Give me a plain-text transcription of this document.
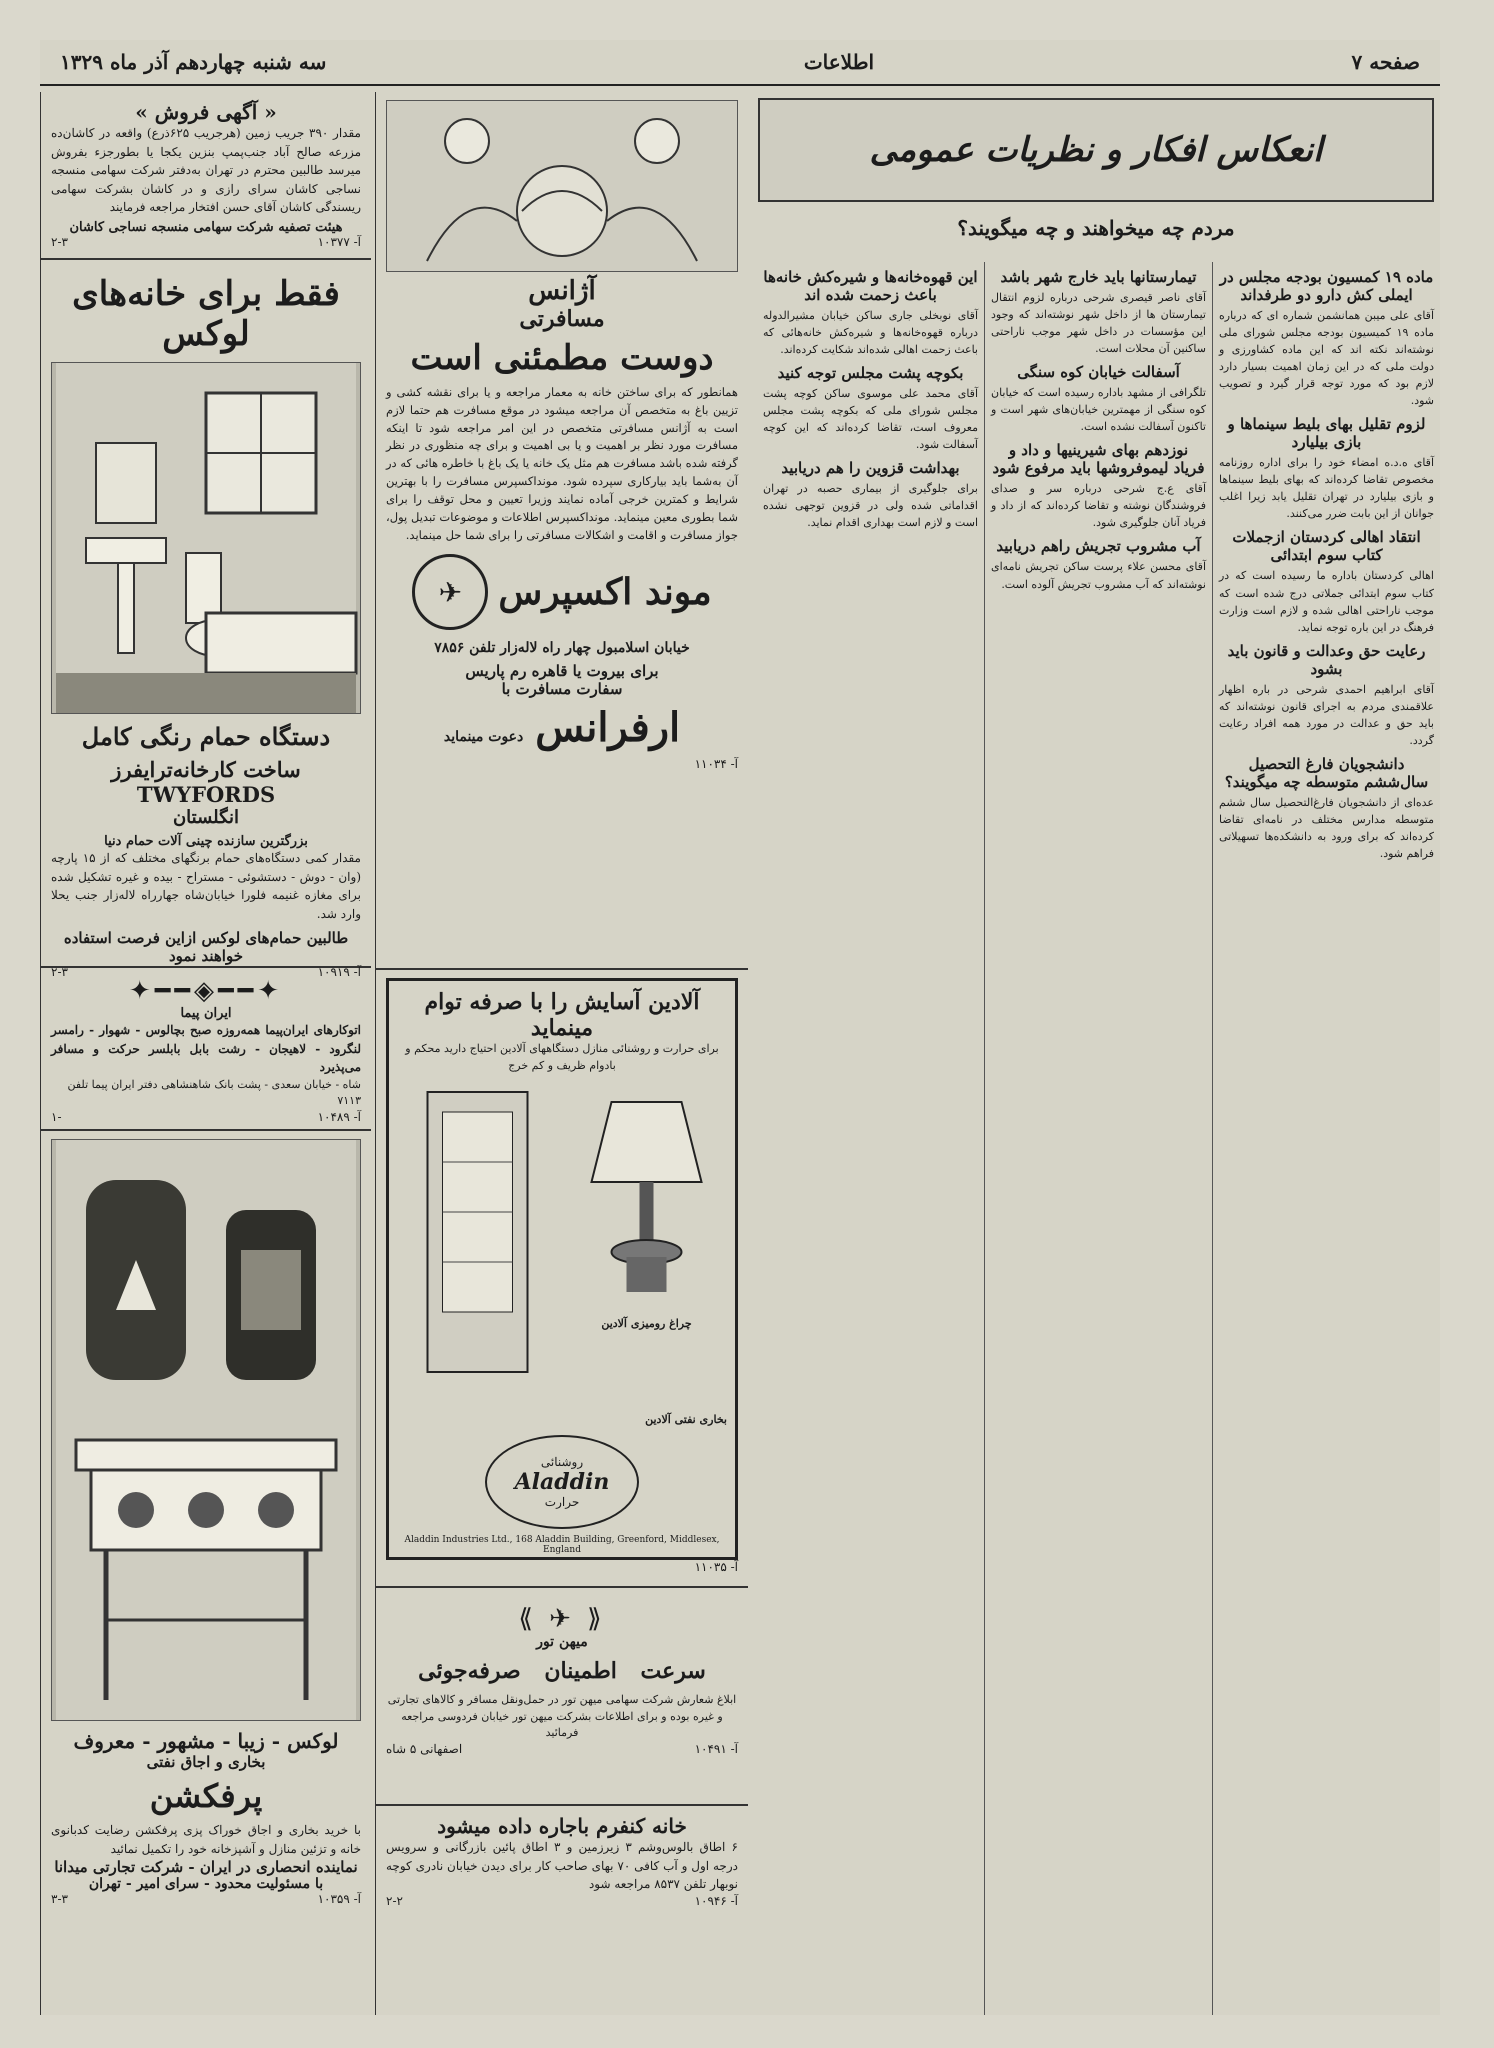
صفحه ۷
اطلاعات
سه شنبه چهاردهم آذر ماه ۱۳۲۹
« آگهی فروش »
مقدار ۳۹۰ جریب زمین (هرجریب ۶۲۵ذرع) واقعه در کاشان‌ده مزرعه صالح آباد جنب‌پمپ بنزین یکجا یا بطورجزء بفروش میرسد طالبین محترم در تهران به‌دفتر شرکت سهامی منسجه نساجی کاشان سرای رازی و در کاشان بشرکت سهامی ریسندگی کاشان آقای حسن افتخار مراجعه فرمایند
هیئت تصفیه شرکت سهامی منسجه نساجی کاشان
آ- ۱۰۳۷۷
۲-۳
فقط برای خانه‌های لوکس
دستگاه حمام رنگی کامل
ساخت کارخانه‌ترایفرز TWYFORDS
انگلستان
بزرگترین سازنده چینی آلات حمام دنیا
مقدار کمی دستگاه‌های حمام برنگهای مختلف که از ۱۵ پارچه (وان - دوش - دستشوئی - مستراح - بیده و غیره تشکیل شده برای مغازه غنیمه فلورا خیابان‌شاه جهارراه لاله‌زار جنب یحلا وارد شد.
طالبین حمام‌های لوکس ازاین فرصت استفاده خواهند نمود
آ- ۱۰۹۱۹
۲-۳
✦━━◈━━✦
ایران پیما
اتوکارهای ایران‌پیما همه‌روزه صبح بچالوس - شهوار - رامسر لنگرود - لاهیجان - رشت بابل بابلسر حرکت و مسافر می‌پذیرد
شاه - خیابان سعدی - پشت بانک شاهنشاهی دفتر ایران پیما تلفن ۷۱۱۳
آ- ۱۰۴۸۹
-۱
لوکس - زیبا - مشهور - معروف
بخاری و اجاق نفتی
پرفکشن
با خرید بخاری و اجاق خوراک پزی پرفکشن رضایت کدبانوی خانه و تزئین منازل و آشپزخانه خود را تکمیل نمائید
نماینده انحصاری در ایران - شرکت تجارتی میدانا
با مسئولیت محدود - سرای امیر - تهران
آ- ۱۰۳۵۹
۳-۳
آژانس
مسافرتی
دوست مطمئنی است
همانطور که برای ساختن خانه به معمار مراجعه و یا برای نقشه کشی و تزیین باغ به متخصص آن مراجعه میشود در موقع مسافرت هم حتما لازم است به آژانس مسافرتی متخصص در این امر مراجعه شود تا اینکه مسافرت مورد نظر بر اهمیت و یا بی اهمیت و برای چه منظوری در نظر گرفته شده باشد مسافرت هم مثل یک خانه یا یک باغ با خاطره هائی که در آن به‌شما باید بیارکاری سپرده شود. مونداکسپرس مسافرت را با بهترین شرایط و کمترین خرجی آماده نمایند وزیرا تعیین و محل توقف را برای شما بطوری معین مینماید. مونداکسپرس اطلاعات و موضوعات تبدیل پول، جواز مسافرت و اقامت و اشکالات مسافرتی را برای شما حل مینماید.
موند اکسپرس
✈
خیابان اسلامبول چهار راه لاله‌زار تلفن ۷۸۵۶
برای بیروت یا قاهره رم پاریس
سفارت مسافرت با
ارفرانس
دعوت مینماید
آ- ۱۱۰۳۴
آلادین آسایش را با صرفه توام مینماید
برای حرارت و روشنائی منازل دستگاههای آلادین احتیاج دارید محکم و بادوام ظریف و کم خرج
چراغ رومیزی آلادین
بخاری نفتی آلادین
روشنائی
Aladdin
حرارت
Aladdin Industries Ltd., 168 Aladdin Building, Greenford, Middlesex, England
آ- ۱۱۰۳۵
⟪ ✈ ⟫
میهن تور
سرعت اطمینان صرفه‌جوئی
ابلاغ شعارش شرکت سهامی میهن تور در حمل‌ونقل مسافر و کالاهای تجارتی و غیره بوده و برای اطلاعات بشرکت میهن تور خیابان فردوسی مراجعه فرمائید
آ- ۱۰۴۹۱
اصفهانی ۵ شاه
خانه کنفرم باجاره داده میشود
۶ اطاق بالوس‌وشم ۳ زیرزمین و ۳ اطاق پائین بازرگانی و سرویس درجه اول و آب کافی ۷۰ بهای صاحب کار برای دیدن خیابان نادری کوچه نوبهار تلفن ۸۵۳۷ مراجعه شود
آ- ۱۰۹۴۶
۲-۲
انعکاس افکار و نظریات عمومی
مردم چه میخواهند و چه میگویند؟
ماده ۱۹ کمسیون بودجه مجلس در ایملی کش دارو دو طرفداند
آقای علی میبن همانشمن شماره ای که درباره ماده ۱۹ کمیسیون بودجه مجلس شورای ملی نوشته‌اند نکته اند که این ماده کشاورزی و دولت ملی که در این زمان اهمیت بسیار دارد لازم بود که مورد توجه قرار گیرد و تصویب شود.
لزوم تقلیل بهای بلیط سینماها و بازی بیلیارد
آقای ه.د.ه امضاء خود را برای اداره روزنامه مخصوص تقاضا کرده‌اند که بهای بلیط سینماها و بازی بیلیارد در تهران تقلیل یابد زیرا اغلب جوانان از این بابت ضرر می‌کنند.
انتقاد اهالی کردستان ازجملات کتاب سوم ابتدائی
اهالی کردستان باداره ما رسیده است که در کتاب سوم ابتدائی جملاتی درج شده است که موجب ناراحتی اهالی شده و لازم است وزارت فرهنگ در این باره توجه نماید.
رعایت حق وعدالت و قانون باید بشود
آقای ابراهیم احمدی شرحی در باره اظهار علاقمندی مردم به اجرای قانون نوشته‌اند که باید حق و عدالت در مورد همه افراد رعایت گردد.
دانشجویان فارغ التحصیل سال‌ششم متوسطه چه میگویند؟
عده‌ای از دانشجویان فارغ‌التحصیل سال ششم متوسطه مدارس مختلف در نامه‌ای تقاضا کرده‌اند که برای ورود به دانشکده‌ها تسهیلاتی فراهم شود.
تیمارستانها باید خارج شهر باشد
آقای ناصر قیصری شرحی درباره لزوم انتقال تیمارستان ها از داخل شهر نوشته‌اند که وجود این مؤسسات در داخل شهر موجب ناراحتی ساکنین آن محلات است.
آسفالت خیابان کوه سنگی
تلگرافی از مشهد باداره رسیده است که خیابان کوه سنگی از مهمترین خیابان‌های شهر است و تاکنون آسفالت نشده است.
نوزدهم بهای شیرینیها و داد و فریاد لیموفروشها باید مرفوع شود
آقای ع.ج شرحی درباره سر و صدای فروشندگان نوشته و تقاضا کرده‌اند که از داد و فریاد آنان جلوگیری شود.
آب مشروب تجریش راهم دریابید
آقای محسن علاء پرست ساکن تجریش نامه‌ای نوشته‌اند که آب مشروب تجریش آلوده است.
این قهوه‌خانه‌ها و شیره‌کش خانه‌ها باعث زحمت شده اند
آقای نوبخلی جاری ساکن خیابان مشیرالدوله درباره قهوه‌خانه‌ها و شیره‌کش خانه‌هائی که باعث زحمت اهالی شده‌اند شکایت کرده‌اند.
بکوچه پشت مجلس توجه کنید
آقای محمد علی موسوی ساکن کوچه پشت مجلس شورای ملی که بکوچه پشت مجلس معروف است، تقاضا کرده‌اند که این کوچه آسفالت شود.
بهداشت قزوین را هم دریابید
برای جلوگیری از بیماری حصبه در تهران اقداماتی شده ولی در قزوین توجهی نشده است و لازم است بهداری اقدام نماید.
